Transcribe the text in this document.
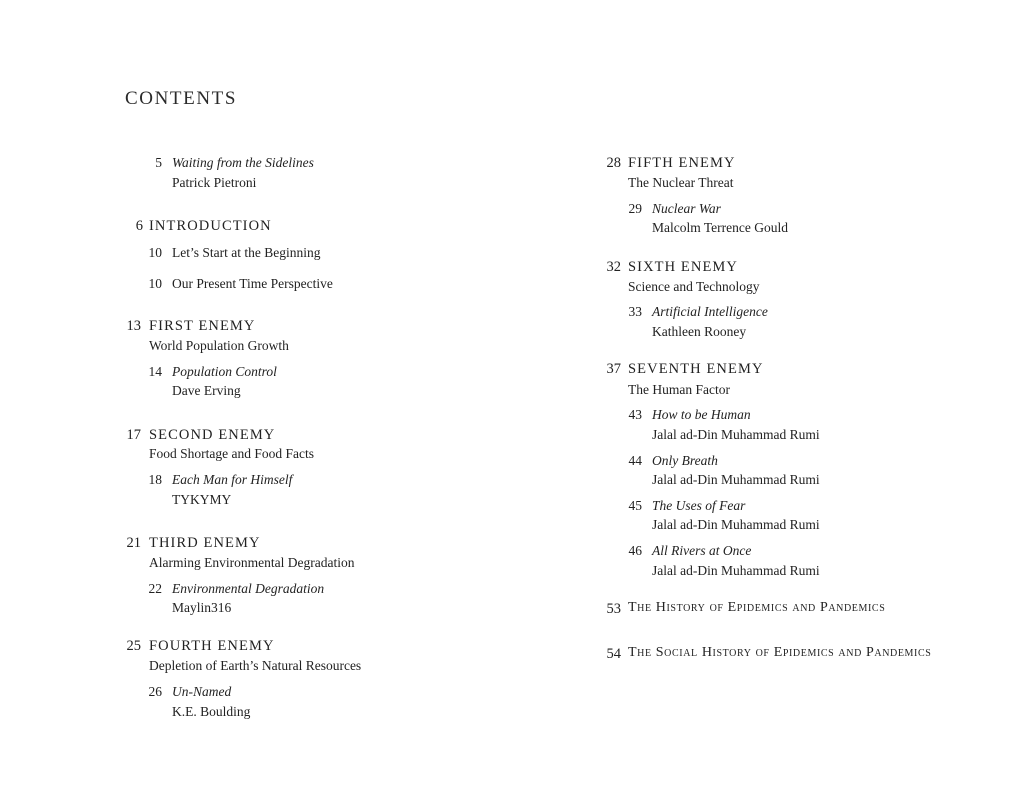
CONTENTS
5 Waiting from the Sidelines
Patrick Pietroni
6 INTRODUCTION
10 Let’s Start at the Beginning
10 Our Present Time Perspective
13 FIRST ENEMY
World Population Growth
14 Population Control
Dave Erving
17 SECOND ENEMY
Food Shortage and Food Facts
18 Each Man for Himself
TYKYMY
21 THIRD ENEMY
Alarming Environmental Degradation
22 Environmental Degradation
Maylin316
25 FOURTH ENEMY
Depletion of Earth’s Natural Resources
26 Un-Named
K.E. Boulding
28 FIFTH ENEMY
The Nuclear Threat
29 Nuclear War
Malcolm Terrence Gould
32 SIXTH ENEMY
Science and Technology
33 Artificial Intelligence
Kathleen Rooney
37 SEVENTH ENEMY
The Human Factor
43 How to be Human
Jalal ad-Din Muhammad Rumi
44 Only Breath
Jalal ad-Din Muhammad Rumi
45 The Uses of Fear
Jalal ad-Din Muhammad Rumi
46 All Rivers at Once
Jalal ad-Din Muhammad Rumi
53 The History of Epidemics and Pandemics
54 The Social History of Epidemics and Pandemics
